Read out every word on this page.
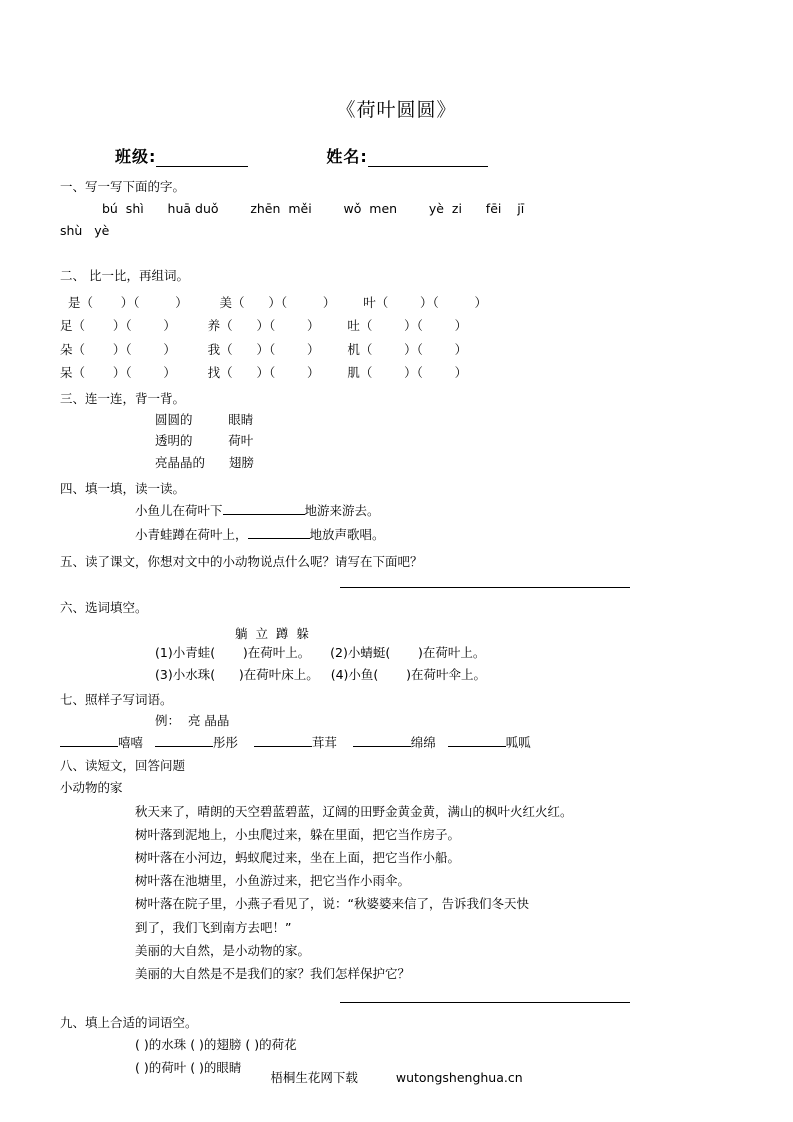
《荷叶圆圆》
班级:	姓名:
一、写一写下面的字。
bú  shì      huā duǒ        zhēn  měi        wǒ  men        yè  zi      fēi    jī
shù   yè
二、 比一比，再组词。
是（       ）（         ）        美（      ）（         ）       叶（        ）（         ）
足（       ）（        ）        养（      ）（        ）       吐（        ）（        ）
朵（       ）（        ）        我（      ）（        ）       机（        ）（        ）
呆（       ）（        ）        找（      ）（        ）       肌（        ）（        ）
三、连一连，背一背。
圆圆的         眼睛
透明的         荷叶
亮晶晶的      翅膀
四、填一填，读一读。
小鱼儿在荷叶下	地游来游去。
小青蛙蹲在荷叶上，	地放声歌唱。
五、读了课文，你想对文中的小动物说点什么呢？请写在下面吧？
六、选词填空。
躺  立  蹲  躲
(1)小青蛙(       )在荷叶上。     (2)小蜻蜓(       )在荷叶上。
(3)小水珠(      )在荷叶床上。   (4)小鱼(       )在荷叶伞上。
七、照样子写词语。
例：  亮 晶晶
嘻嘻	彤彤	茸茸	绵绵	呱呱
八、读短文，回答问题
小动物的家
秋天来了，晴朗的天空碧蓝碧蓝，辽阔的田野金黄金黄，满山的枫叶火红火红。
树叶落到泥地上，小虫爬过来，躲在里面，把它当作房子。
树叶落在小河边，蚂蚁爬过来，坐在上面，把它当作小船。
树叶落在池塘里，小鱼游过来，把它当作小雨伞。
树叶落在院子里，小燕子看见了，说：“秋婆婆来信了，告诉我们冬天快
到了，我们飞到南方去吧！”
美丽的大自然，是小动物的家。
美丽的大自然是不是我们的家？我们怎样保护它？
九、填上合适的词语空。
( )的水珠 ( )的翅膀 ( )的荷花
( )的荷叶 ( )的眼睛
梧桐生花网下载	wutongshenghua.cn
